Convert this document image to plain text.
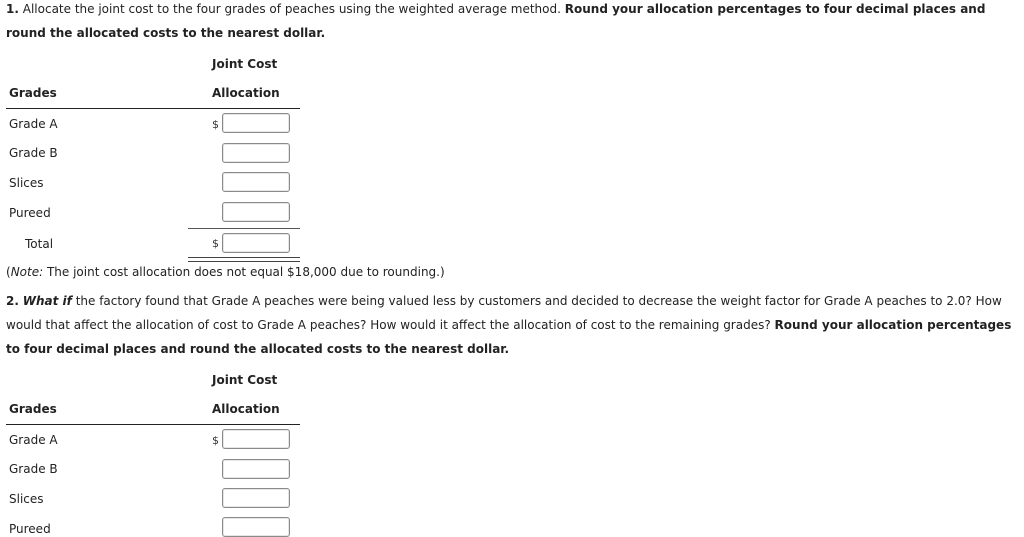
1. Allocate the joint cost to the four grades of peaches using the weighted average method. Round your allocation percentages to four decimal places and round the allocated costs to the nearest dollar.

Joint Cost
Grades	Allocation
Grade A	$
Grade B
Slices
Pureed
Total	$
(Note: The joint cost allocation does not equal $18,000 due to rounding.)

2. What if the factory found that Grade A peaches were being valued less by customers and decided to decrease the weight factor for Grade A peaches to 2.0? How would that affect the allocation of cost to Grade A peaches? How would it affect the allocation of cost to the remaining grades? Round your allocation percentages to four decimal places and round the allocated costs to the nearest dollar.

Joint Cost
Grades	Allocation
Grade A	$
Grade B
Slices
Pureed
